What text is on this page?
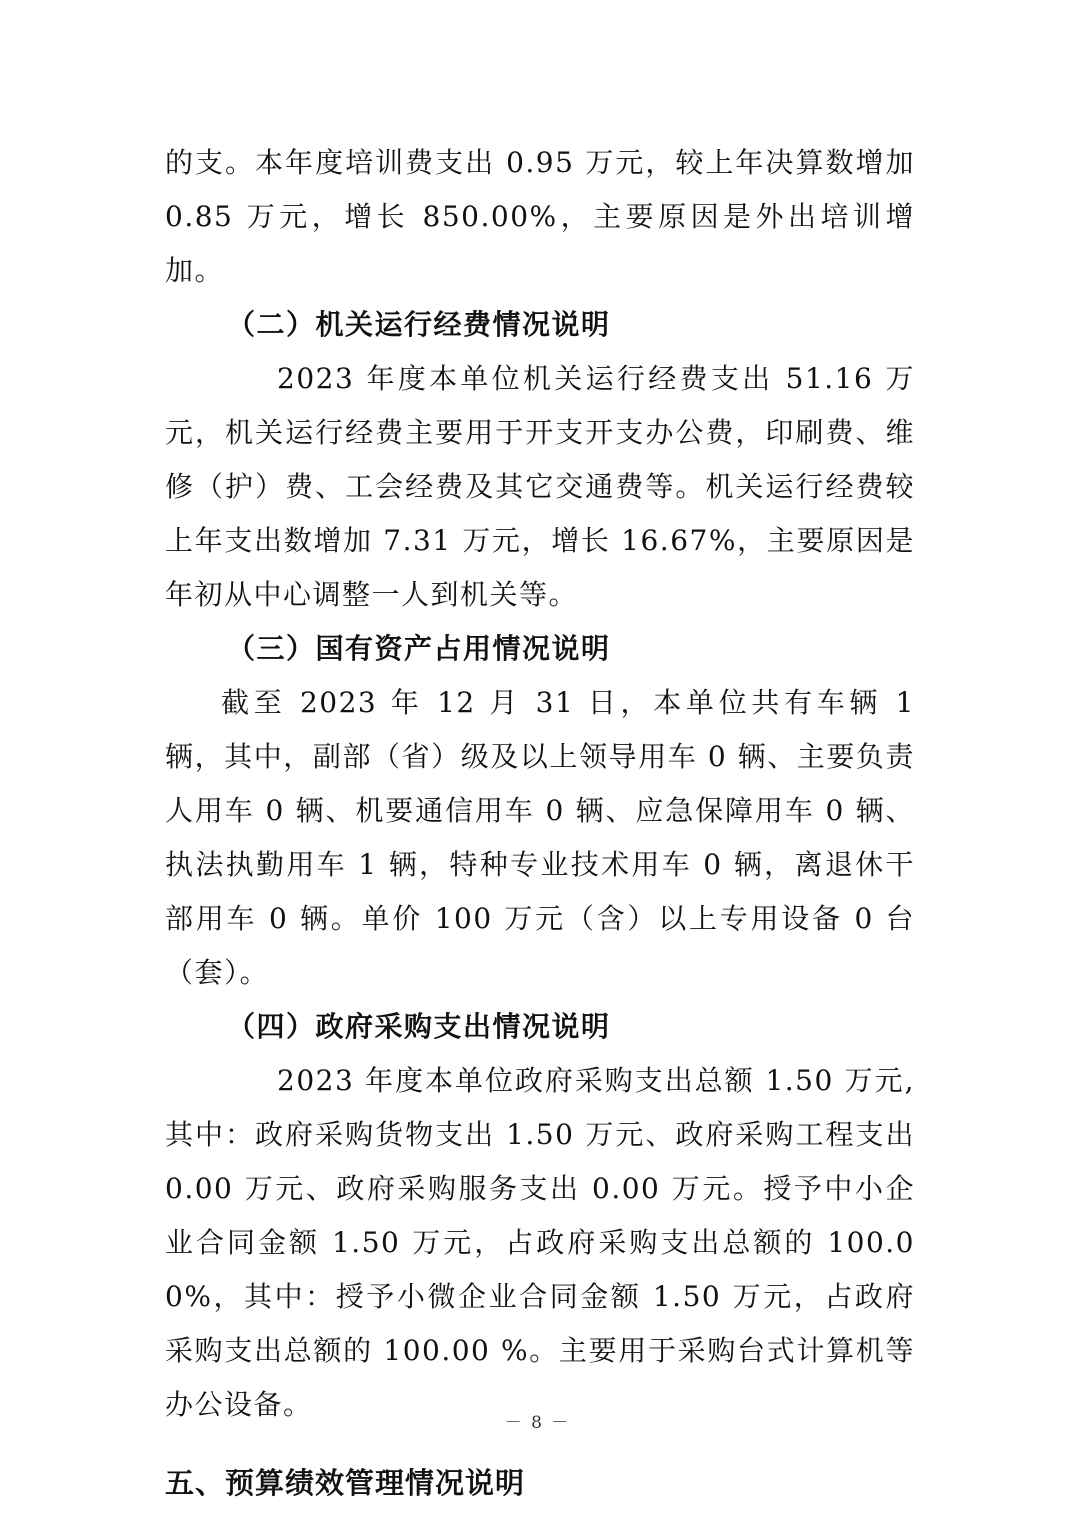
的支。本年度培训费支出 0.95 万元，较上年决算数增加 0.85 万元，增长 850.00%，主要原因是外出培训增加。

（二）机关运行经费情况说明

2023 年度本单位机关运行经费支出 51.16 万元，机关运行经费主要用于开支开支办公费，印刷费、维修（护）费、工会经费及其它交通费等。机关运行经费较上年支出数增加 7.31 万元，增长 16.67%，主要原因是年初从中心调整一人到机关等。

（三）国有资产占用情况说明

截至 2023 年 12 月 31 日，本单位共有车辆 1 辆，其中，副部（省）级及以上领导用车 0 辆、主要负责人用车 0 辆、机要通信用车 0 辆、应急保障用车 0 辆、执法执勤用车 1 辆，特种专业技术用车 0 辆，离退休干部用车 0 辆。单价 100 万元（含）以上专用设备 0 台（套）。

（四）政府采购支出情况说明

2023 年度本单位政府采购支出总额 1.50 万元,其中：政府采购货物支出 1.50 万元、政府采购工程支出 0.00 万元、政府采购服务支出 0.00 万元。授予中小企业合同金额 1.50 万元，占政府采购支出总额的 100.00%，其中：授予小微企业合同金额 1.50 万元，占政府采购支出总额的 100.00 %。主要用于采购台式计算机等办公设备。

五、预算绩效管理情况说明

－ 8 －
